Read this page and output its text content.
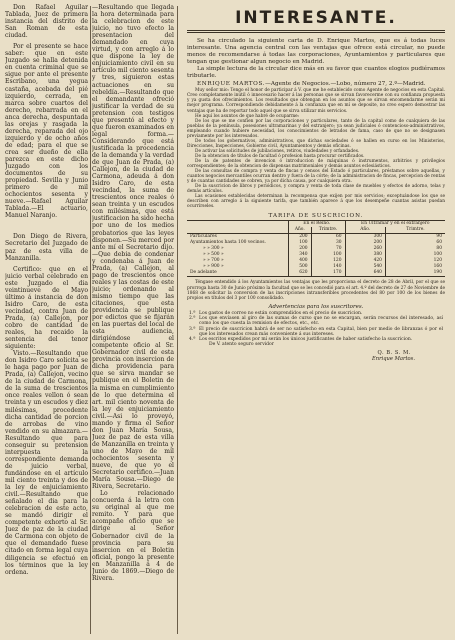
Don Rafael Aguilar Tablada, Juez de primera instancia del distrito de San Roman de esta ciudad.

Por el presente se hace saber: que en este Juzgado se halla detenida en cuenta criminal que se sigue por ante el presente Escribano, una yegua castaña, acebada del pié izquierdo, cerrada, en marca sobre cuartos del derecho, rebarrada en el anca derecha, despuntada las orejas y rasgada la derecha, reparada del ojo izquierdo y de ocho años de edad; para el que se crea ser dueño de ella parezca en este dicho Juzgado con los documentos de su propiedad. Sevilla y Junio primero de mil ochocientos sesenta y nueve.—Rafael Aguilar Tablada.—El actuario, Manuel Naranjo.

Don Diego de Rivera, Secretario del Juzgado de paz de esta villa de Manzanilla.

Certifico: que en el juicio verbal celebrado en este Juzgado el dia veintinueve de Mayo último á instancia de don Isidro Caro, de esta vecindad, contra Juan de Prada, (a) Callejon, por cobro de cantidad de reales, ha recaido la sentencia del tenor siguiente:

Visto.—Resultando que don Isidro Caro solicita se le haga pago por Juan de Prada, (a) Callejon, vecino de la ciudad de Carmona, de la suma de trescientos once reales vellon ó sean treinta y un escudos y diez milésimas, procedente dicha cantidad de porcion de arrobas de vino vendido en su almazara.—Resultando que para conseguir su pretension interpuesta la correspondiente demanda de juicio verbal, fundándose en el artículo mil ciento treinta y dos de la ley de enjuiciamiento civil.—Resultando que señalado el dia para la celebracion de este acto, se mandó dirigir el competente exhorto al Sr. Juez de paz de la ciudad de Carmona con objeto de que el demandado fuese citado en forma legal cuya diligencia se efectuó en los términos que la ley ordena.

—Resultando que llegada la hora determinada para la celebracion de este juicio, no tuvo efecto la presentacion del demandado en cuya virtud, y con arreglo á lo que dispone la ley de enjuiciamiento civil en su artículo mil ciento sesenta y tres, siguieron estas actuaciones en su rebeldía.—Resultando que el demandante ofreció justificar la verdad de su pretension con testigos que presentó al efecto y que fueron examinados en legal forma.—Considerando que está justificada la procedencia de la demanda y la verdad de que Juan de Prada, (a) Callejon, de la ciudad de Carmona, adeuda á don Isidro Caro, de esta vecindad, la suma de trescientos once reales ó sean treinta y un escudos con milésimas, que está justificacion ha sido hecha por uno de los medios probatorios que las leyes disponen.—Su merced por ante mí el Secretario dijo.—Que debia de condenar y condenaba á Juan de Prada, (a) Callejon, al pago de trescientos once reales y las costas de este juicio; ordenando al mismo tiempo que las citaciones, que esta providencia se publique por edictos que se fijarán en las puertas del local de esta audiencia, dirigiéndose el competente oficio al Sr. Gobernador civil de esta provincia con insercion de dicha providencia para que se sirva mandar se publique en el Boletin de la misma en cumplimiento de lo que determina el art. mil ciento noventa de la ley de enjuiciamiento civil.—Asi lo proveyó, mando y firma el Señor don Juan María Sousa, Juez de paz de esta villa de Manzanilla en treinta y uno de Mayo de mil ochocientos sesenta y nueve, de que yo el Secretario certifico.—Juan María Sousa.—Diego de Rivera, Secretario.

Lo relacionado concuerda á la letra con su original al que me remito. Y para que acompañe oficio que se dirige al Señor Gobernador civil de la provincia para su insercion en el Boletin oficial, pongo la presente en Manzanilla á 4 de Junio de 1869.—Diego de Rivera.

INTERESANTE.

Se ha circulado la siguiente carta de D. Enrique Martos, que es á todas luces interesante. Una agencia central con las ventajas que ofrece está circular, no puede menos de recomendarse á todas las corporaciones, Ayuntamientos y particulares que tengan que gestionar algun negocio en Madrid.

La simple lectura de la circular dice más en su favor que cuantos elogios pudiéramos tributarle.

ENRIQUE MARTOS.—Agente de Negocios.—Lobo, número 27, 2.º—Madrid.

Muy señor mio: Tengo el honor de participar á V. que me he establecido como Agente de negocios en esta Capital. Creo completamente inútil ó innecesario hacer á las personas que se sirvan favorecerme con su confianza propuesta y ya gusta dos ofrecimientos. Los resultados que obtengan en los asuntos que se sirvan encomendarme serán mi mejor programa. Correspondiendo debidamente á la confianza que en mí se deposite, no creo espero demostrar las ventajas que ha de reportar todo aquel que se sirva utilizar mis servicios.

He aquí los asuntos de que habré de ocuparme:

De los que se me confíen por las corporaciones y particulares, tanto de la capital como de cualquiera de las pueblas de la península, posesiones ultramarinas y del extranjero; ya sean judiciales ó contencioso-administrativos, empleando cuando hubiere necesidad, los conocimientos de letrados de fama, caso de que no se designasen previamente por los interesados.

De todos los gobernativos, administrativos, que dichas sociedades ó se hallen en curso en los Ministerios, Direcciones, Inspecciones, Gobierno civil, Ayuntamientos y demás oficinas.

De activar las solicitudes de jubilaciones, retiros, viudedades y orfandades.

De la obtencion de títulos de facultad ó profesion hasta procurar certificados.

De la de patentes de invencion ó introduccion de máquinas ó instrumentos, arbitrios y privilegios correspondientes; de la obtencion de dispensas matrimoniales y demás asuntos eclesiásticos.

De las consultas de compra y venta de fincas y censos del Estado ó particulares, préstamos sobre aquellas, y cuantos negocios mercantiles ocurran dentro y fuera de la córte; de la administracion de fincas, percepcion de rentas y de cuantas cantidades se cobren, ya por dicha causa, por cualquiera otra.

De la suscricion de libros y periódicos, y compra y venta de toda clase de muebles y efectos de adorno, telas y demás artículos.

Las ocasiones establecidas determinan la recompensa que exijen por mis servicios; exceptuándose los que se describen con arreglo á la siguiente tarifa, que también aparece á que los desempeñe cuantas asistas puedan ocurrírseles.

TARIFA DE SUSCRICION.
	En el Reino.		En Ultramar y en el extranjero	
	Año.	Trimtre.	Año.	Trimtre.
Particulares	200	60	300	90
Ayuntamientos hasta 100 vecinos.	100	30	200	60
» » 300 »	200	70	260	80
» » 500 »	340	100	380	100
» » 700 »	400	120	420	120
» » 900 »	500	140	540	160
De adelante	620	170	640	190

Téngase entendido á los Ayuntamientos las ventajas que les proporciona el decreto de 28 de Abril, por el que se prorroga hasta 30 de Junio próximo la facultad que se les concedió para el art. 4.º del decreto de 27 de Noviembre de 1868 de solicitar la conversion de las inscripciones intransferibles procedentes del 80 por 100 de los bienes de propios en títulos del 3 por 100 consolidado.

Advertencias para los suscritores.
1.ª Los gastos de correo no están comprendidos en el precio de suscricion.
2.ª Los que envíasen al giro de las sumas de curso que no se encargan, serán recursos del interesado, así como los que cuesta la remision de efectos, etc., etc.
3.ª El precio de suscricion habrá de ser no satisfecho en esta Capital, bien por medio de libranzas ó por el que los interesados crean más conveniente á sus intereses.
4.ª Los escritos expedidos por mí serán los únicos justificantes de haber satisfecho la suscricion.
De V. atento seguro servidor
Q. B. S. M.
Enrique Martos.
